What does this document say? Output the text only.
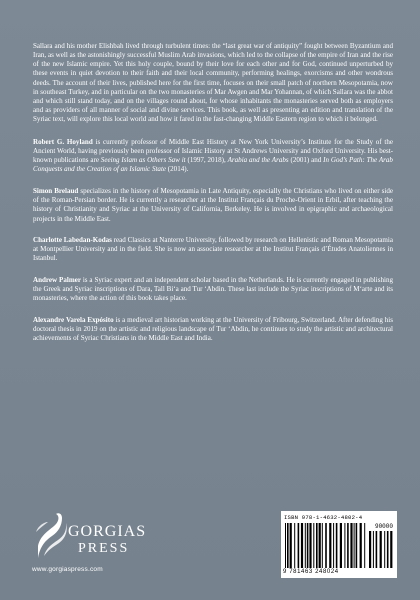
Sallara and his mother Elishbah lived through turbulent times: the “last great war of antiquity” fought between Byzantium and Iran, as well as the astonishingly successful Muslim Arab invasions, which led to the collapse of the empire of Iran and the rise of the new Islamic empire. Yet this holy couple, bound by their love for each other and for God, continued unperturbed by these events in quiet devotion to their faith and their local community, performing healings, exorcisms and other wondrous deeds. The account of their lives, published here for the first time, focuses on their small patch of northern Mesopotamia, now in southeast Turkey, and in particular on the two monasteries of Mar Awgen and Mar Yohannan, of which Sallara was the abbot and which still stand today, and on the villages round about, for whose inhabitants the monasteries served both as employers and as providers of all manner of social and divine services. This book, as well as presenting an edition and translation of the Syriac text, will explore this local world and how it fared in the fast-changing Middle Eastern region to which it belonged.

Robert G. Hoyland is currently professor of Middle East History at New York University’s Institute for the Study of the Ancient World, having previously been professor of Islamic History at St Andrews University and Oxford University. His best-known publications are Seeing Islam as Others Saw it (1997, 2018), Arabia and the Arabs (2001) and In God’s Path: The Arab Conquests and the Creation of an Islamic State (2014).

Simon Brelaud specializes in the history of Mesopotamia in Late Antiquity, especially the Christians who lived on either side of the Roman-Persian border. He is currently a researcher at the Institut Français du Proche-Orient in Erbil, after teaching the history of Christianity and Syriac at the University of California, Berkeley. He is involved in epigraphic and archaeological projects in the Middle East.

Charlotte Labedan-Kodas read Classics at Nanterre University, followed by research on Hellenistic and Roman Mesopotamia at Montpellier University and in the field. She is now an associate researcher at the Institut Français d’Études Anatoliennes in Istanbul.

Andrew Palmer is a Syriac expert and an independent scholar based in the Netherlands. He is currently engaged in publishing the Greek and Syriac inscriptions of Dara, Tall Bi‘a and Tur ‘Abdin. These last include the Syriac inscriptions of M‘arte and its monasteries, where the action of this book takes place.

Alexandre Varela Expósito is a medieval art historian working at the University of Fribourg, Switzerland. After defending his doctoral thesis in 2019 on the artistic and religious landscape of Tur ‘Abdin, he continues to study the artistic and architectural achievements of Syriac Christians in the Middle East and India.

GORGIAS
PRESS
www.gorgiaspress.com
ISBN 978-1-4632-4802-4
90000
9 781463 248024
